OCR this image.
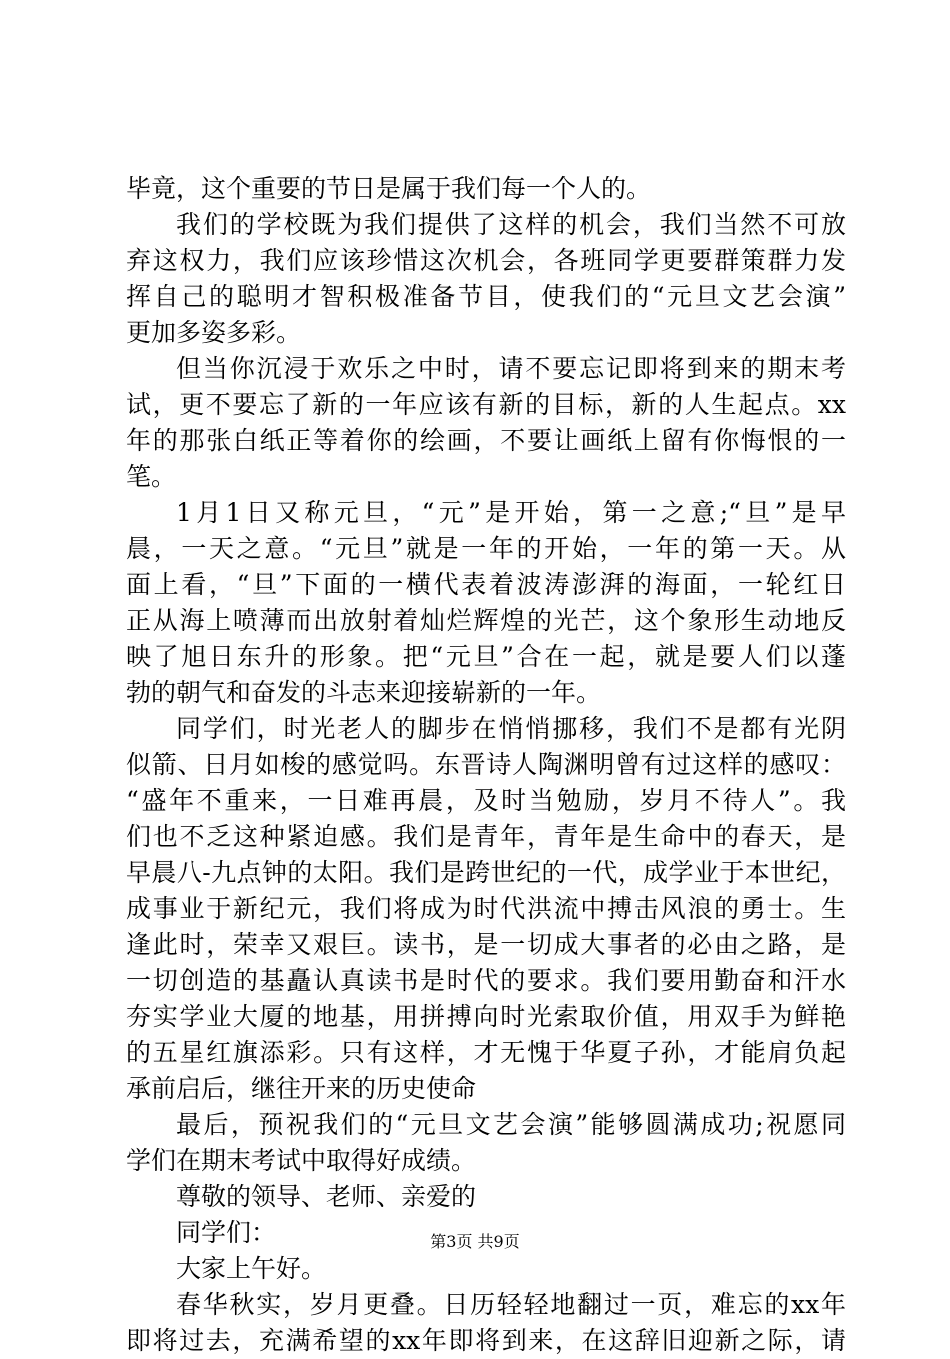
毕竟，这个重要的节日是属于我们每一个人的。
我们的学校既为我们提供了这样的机会，我们当然不可放
弃这权力，我们应该珍惜这次机会，各班同学更要群策群力发
挥自己的聪明才智积极准备节目，使我们的“元旦文艺会演”
更加多姿多彩。
但当你沉浸于欢乐之中时，请不要忘记即将到来的期末考
试，更不要忘了新的一年应该有新的目标，新的人生起点。xx
年的那张白纸正等着你的绘画，不要让画纸上留有你悔恨的一
笔。
1月1日又称元旦，“元”是开始，第一之意;“旦”是早
晨，一天之意。“元旦”就是一年的开始，一年的第一天。从
面上看，“旦”下面的一横代表着波涛澎湃的海面，一轮红日
正从海上喷薄而出放射着灿烂辉煌的光芒，这个象形生动地反
映了旭日东升的形象。把“元旦”合在一起，就是要人们以蓬
勃的朝气和奋发的斗志来迎接崭新的一年。
同学们，时光老人的脚步在悄悄挪移，我们不是都有光阴
似箭、日月如梭的感觉吗。东晋诗人陶渊明曾有过这样的感叹：
“盛年不重来，一日难再晨，及时当勉励，岁月不待人”。我
们也不乏这种紧迫感。我们是青年，青年是生命中的春天，是
早晨八-九点钟的太阳。我们是跨世纪的一代，成学业于本世纪，
成事业于新纪元，我们将成为时代洪流中搏击风浪的勇士。生
逢此时，荣幸又艰巨。读书，是一切成大事者的必由之路，是
一切创造的基矗认真读书是时代的要求。我们要用勤奋和汗水
夯实学业大厦的地基，用拼搏向时光索取价值，用双手为鲜艳
的五星红旗添彩。只有这样，才无愧于华夏子孙，才能肩负起
承前启后，继往开来的历史使命
最后，预祝我们的“元旦文艺会演”能够圆满成功;祝愿同
学们在期末考试中取得好成绩。
尊敬的领导、老师、亲爱的
同学们：
大家上午好。
春华秋实，岁月更叠。日历轻轻地翻过一页，难忘的xx年
即将过去，充满希望的xx年即将到来，在这辞旧迎新之际，请
第3页 共9页
